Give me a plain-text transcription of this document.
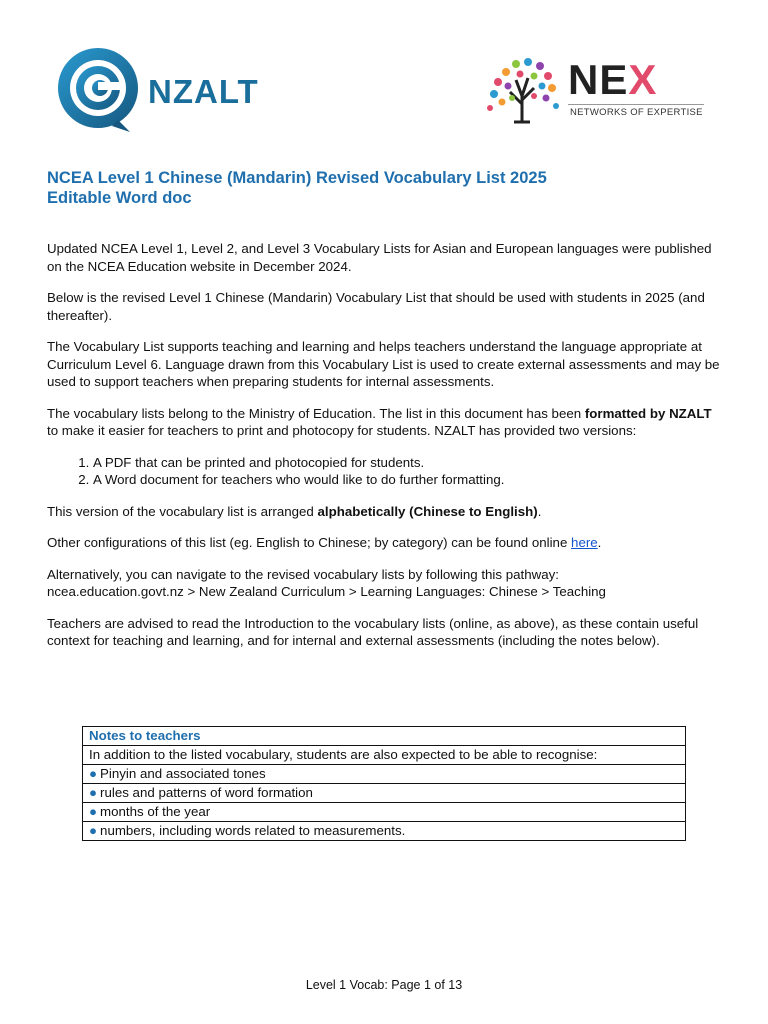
NZALT	NEX
NETWORKS OF EXPERTISE
NCEA Level 1 Chinese (Mandarin) Revised Vocabulary List 2025
Editable Word doc

Updated NCEA Level 1, Level 2, and Level 3 Vocabulary Lists for Asian and European languages were published on the NCEA Education website in December 2024.

Below is the revised Level 1 Chinese (Mandarin) Vocabulary List that should be used with students in 2025 (and thereafter).

The Vocabulary List supports teaching and learning and helps teachers understand the language appropriate at Curriculum Level 6. Language drawn from this Vocabulary List is used to create external assessments and may be used to support teachers when preparing students for internal assessments.

The vocabulary lists belong to the Ministry of Education. The list in this document has been formatted by NZALT to make it easier for teachers to print and photocopy for students. NZALT has provided two versions:

1. A PDF that can be printed and photocopied for students.
2. A Word document for teachers who would like to do further formatting.

This version of the vocabulary list is arranged alphabetically (Chinese to English).

Other configurations of this list (eg. English to Chinese; by category) can be found online here.

Alternatively, you can navigate to the revised vocabulary lists by following this pathway:
ncea.education.govt.nz > New Zealand Curriculum > Learning Languages: Chinese > Teaching

Teachers are advised to read the Introduction to the vocabulary lists (online, as above), as these contain useful context for teaching and learning, and for internal and external assessments (including the notes below).

Notes to teachers
In addition to the listed vocabulary, students are also expected to be able to recognise:
● Pinyin and associated tones
● rules and patterns of word formation
● months of the year
● numbers, including words related to measurements.
Level 1 Vocab: Page 1 of 13
